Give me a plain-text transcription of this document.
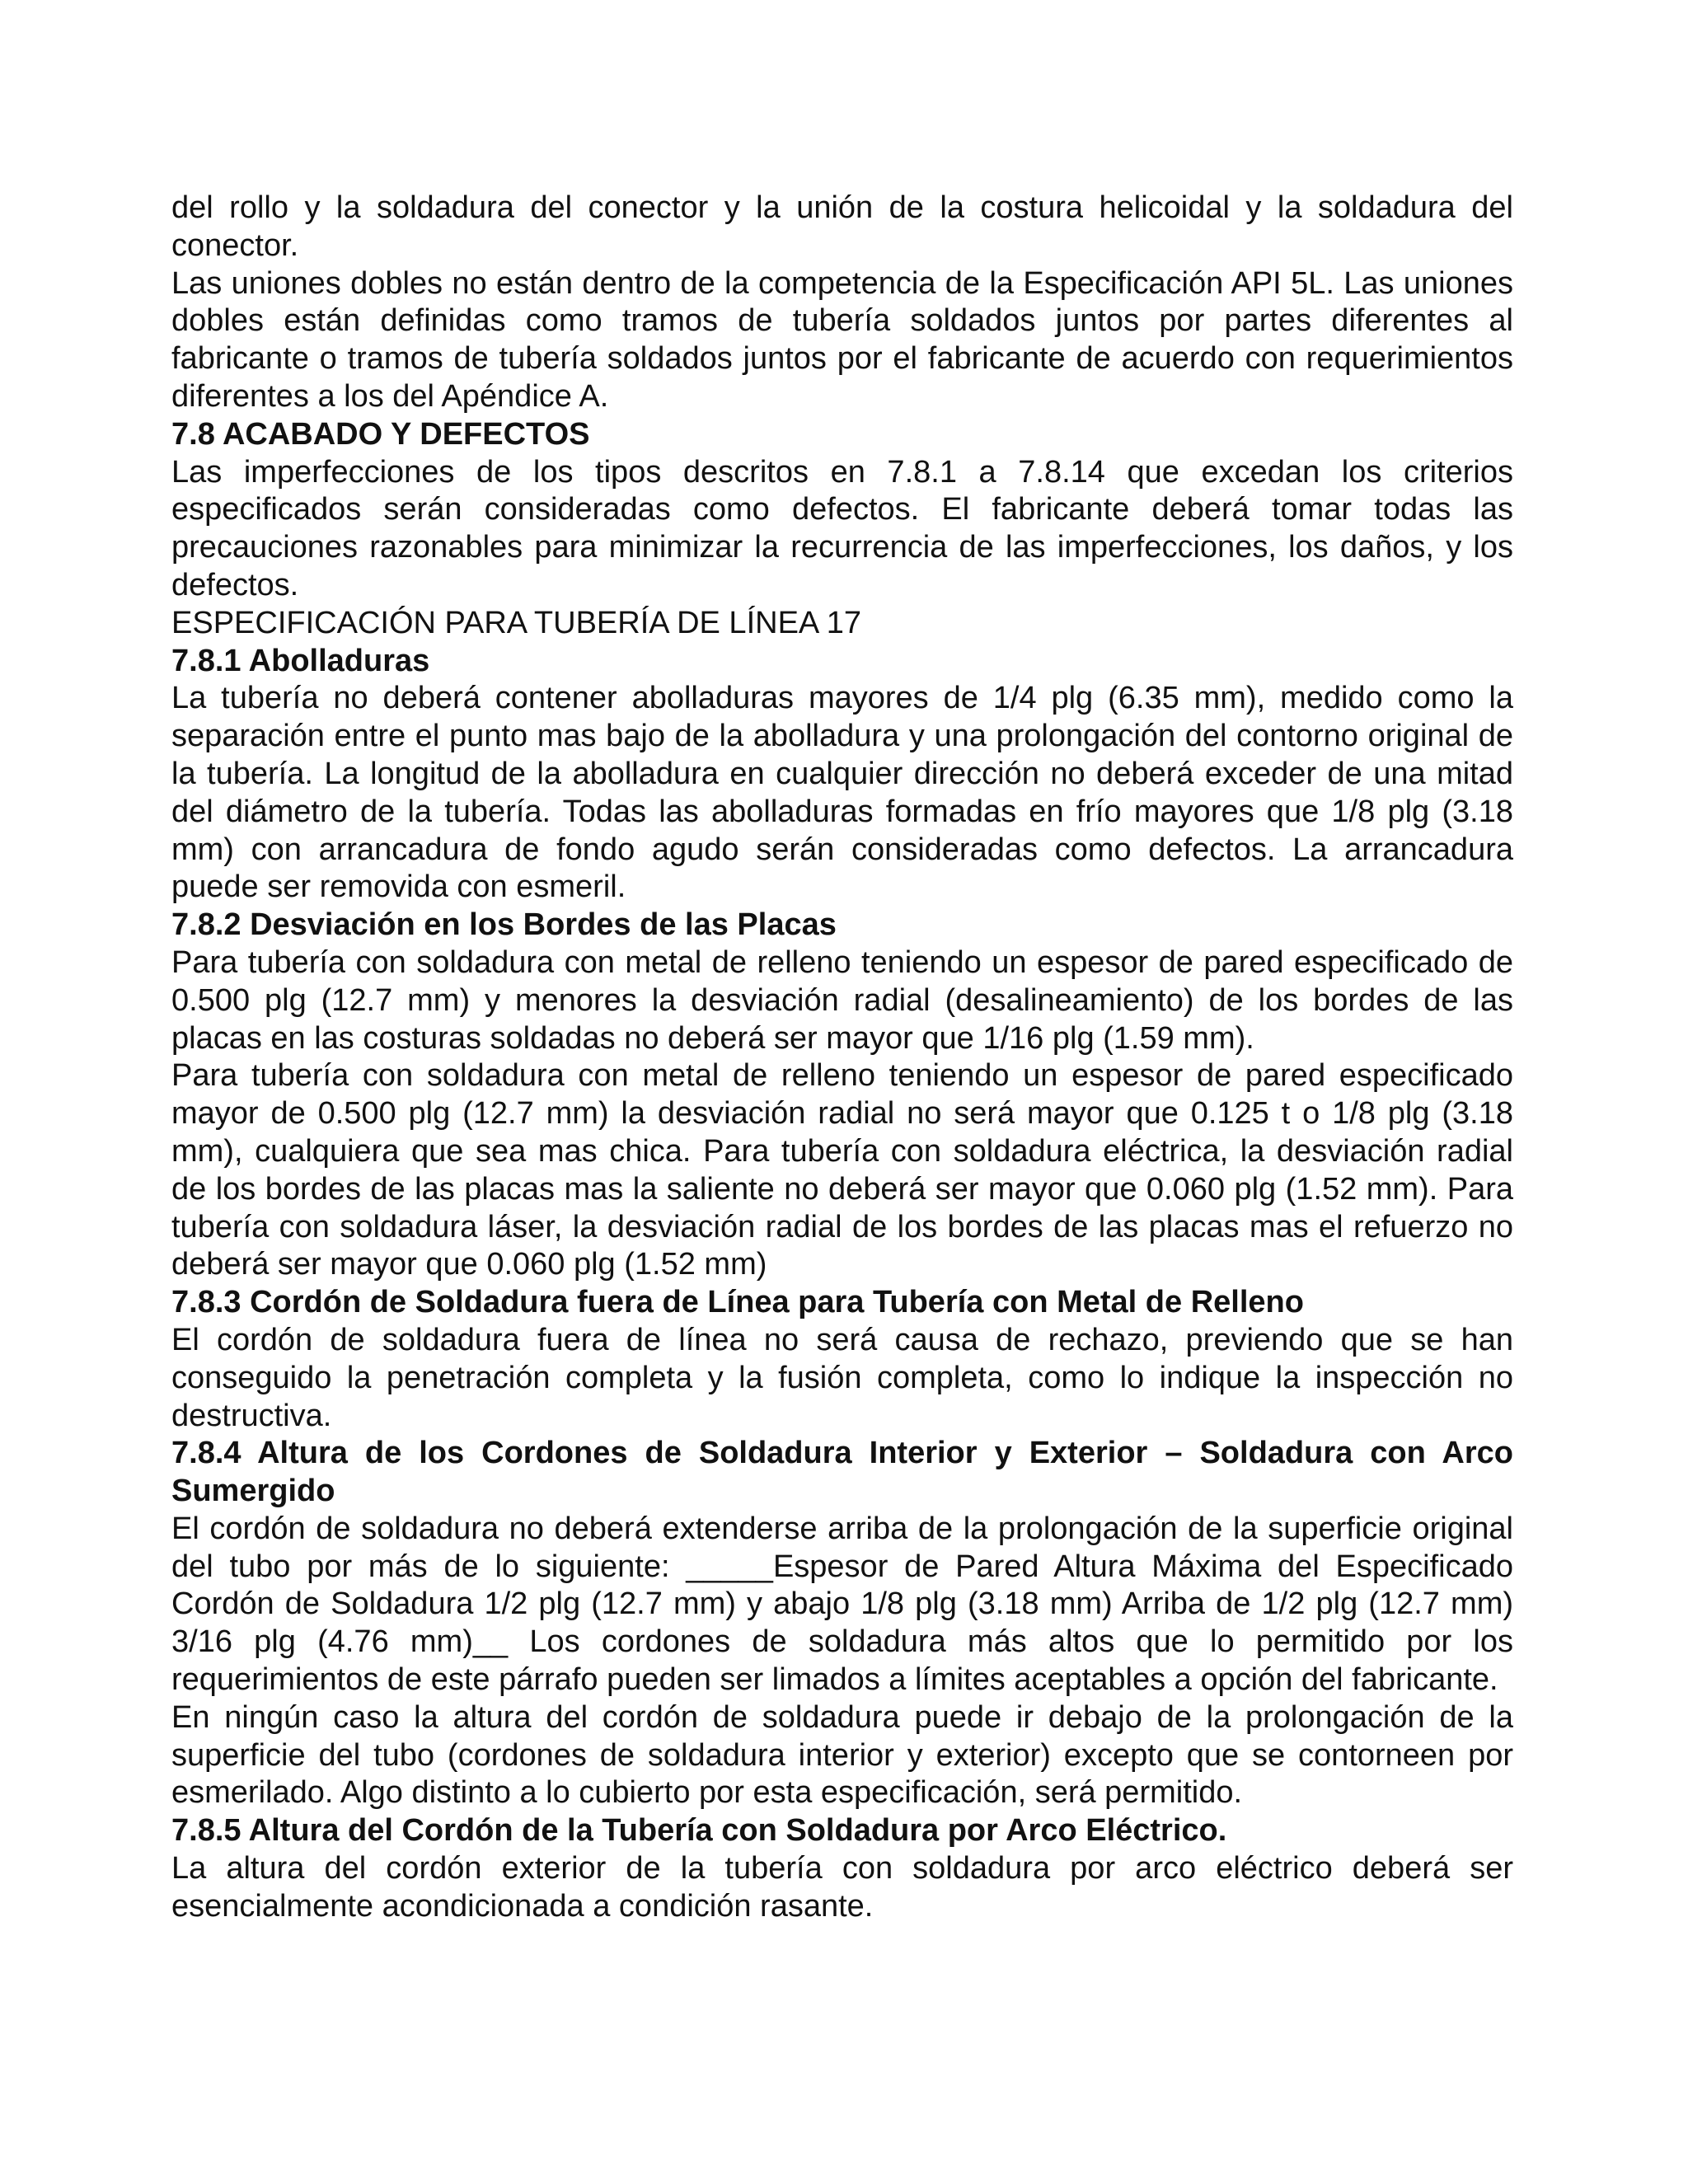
del rollo y la soldadura del conector y la unión de la costura helicoidal y la soldadura del conector.

Las uniones dobles no están dentro de la competencia de la Especificación API 5L. Las uniones dobles están definidas como tramos de tubería soldados juntos por partes diferentes al fabricante o tramos de tubería soldados juntos por el fabricante de acuerdo con requerimientos diferentes a los del Apéndice A.

7.8 ACABADO Y DEFECTOS

Las imperfecciones de los tipos descritos en 7.8.1 a 7.8.14 que excedan los criterios especificados serán consideradas como defectos. El fabricante deberá tomar todas las precauciones razonables para minimizar la recurrencia de las imperfecciones, los daños, y los defectos.

ESPECIFICACIÓN PARA TUBERÍA DE LÍNEA 17

7.8.1 Abolladuras

La tubería no deberá contener abolladuras mayores de 1/4 plg (6.35 mm), medido como la separación entre el punto mas bajo de la abolladura y una prolongación del contorno original de la tubería. La longitud de la abolladura en cualquier dirección no deberá exceder de una mitad del diámetro de la tubería. Todas las abolladuras formadas en frío mayores que 1/8 plg (3.18 mm) con arrancadura de fondo agudo serán consideradas como defectos. La arrancadura puede ser removida con esmeril.

7.8.2 Desviación en los Bordes de las Placas

Para tubería con soldadura con metal de relleno teniendo un espesor de pared especificado de 0.500 plg (12.7 mm) y menores la desviación radial (desalineamiento) de los bordes de las placas en las costuras soldadas no deberá ser mayor que 1/16 plg (1.59 mm).

Para tubería con soldadura con metal de relleno teniendo un espesor de pared especificado mayor de 0.500 plg (12.7 mm) la desviación radial no será mayor que 0.125 t o 1/8 plg (3.18 mm), cualquiera que sea mas chica. Para tubería con soldadura eléctrica, la desviación radial de los bordes de las placas mas la saliente no deberá ser mayor que 0.060 plg (1.52 mm). Para tubería con soldadura láser, la desviación radial de los bordes de las placas mas el refuerzo no deberá ser mayor que 0.060 plg (1.52 mm)

7.8.3 Cordón de Soldadura fuera de Línea para Tubería con Metal de Relleno

El cordón de soldadura fuera de línea no será causa de rechazo, previendo que se han conseguido la penetración completa y la fusión completa, como lo indique la inspección no destructiva.

7.8.4 Altura de los Cordones de Soldadura Interior y Exterior – Soldadura con Arco Sumergido

El cordón de soldadura no deberá extenderse arriba de la prolongación de la superficie original del tubo por más de lo siguiente: _____Espesor de Pared Altura Máxima del Especificado Cordón de Soldadura 1/2 plg (12.7 mm) y abajo 1/8 plg (3.18 mm) Arriba de 1/2 plg (12.7 mm) 3/16 plg (4.76 mm)__ Los cordones de soldadura más altos que lo permitido por los requerimientos de este párrafo pueden ser limados a límites aceptables a opción del fabricante.

En ningún caso la altura del cordón de soldadura puede ir debajo de la prolongación de la superficie del tubo (cordones de soldadura interior y exterior) excepto que se contorneen por esmerilado. Algo distinto a lo cubierto por esta especificación, será permitido.

7.8.5 Altura del Cordón de la Tubería con Soldadura por Arco Eléctrico.

La altura del cordón exterior de la tubería con soldadura por arco eléctrico deberá ser esencialmente acondicionada a condición rasante.
